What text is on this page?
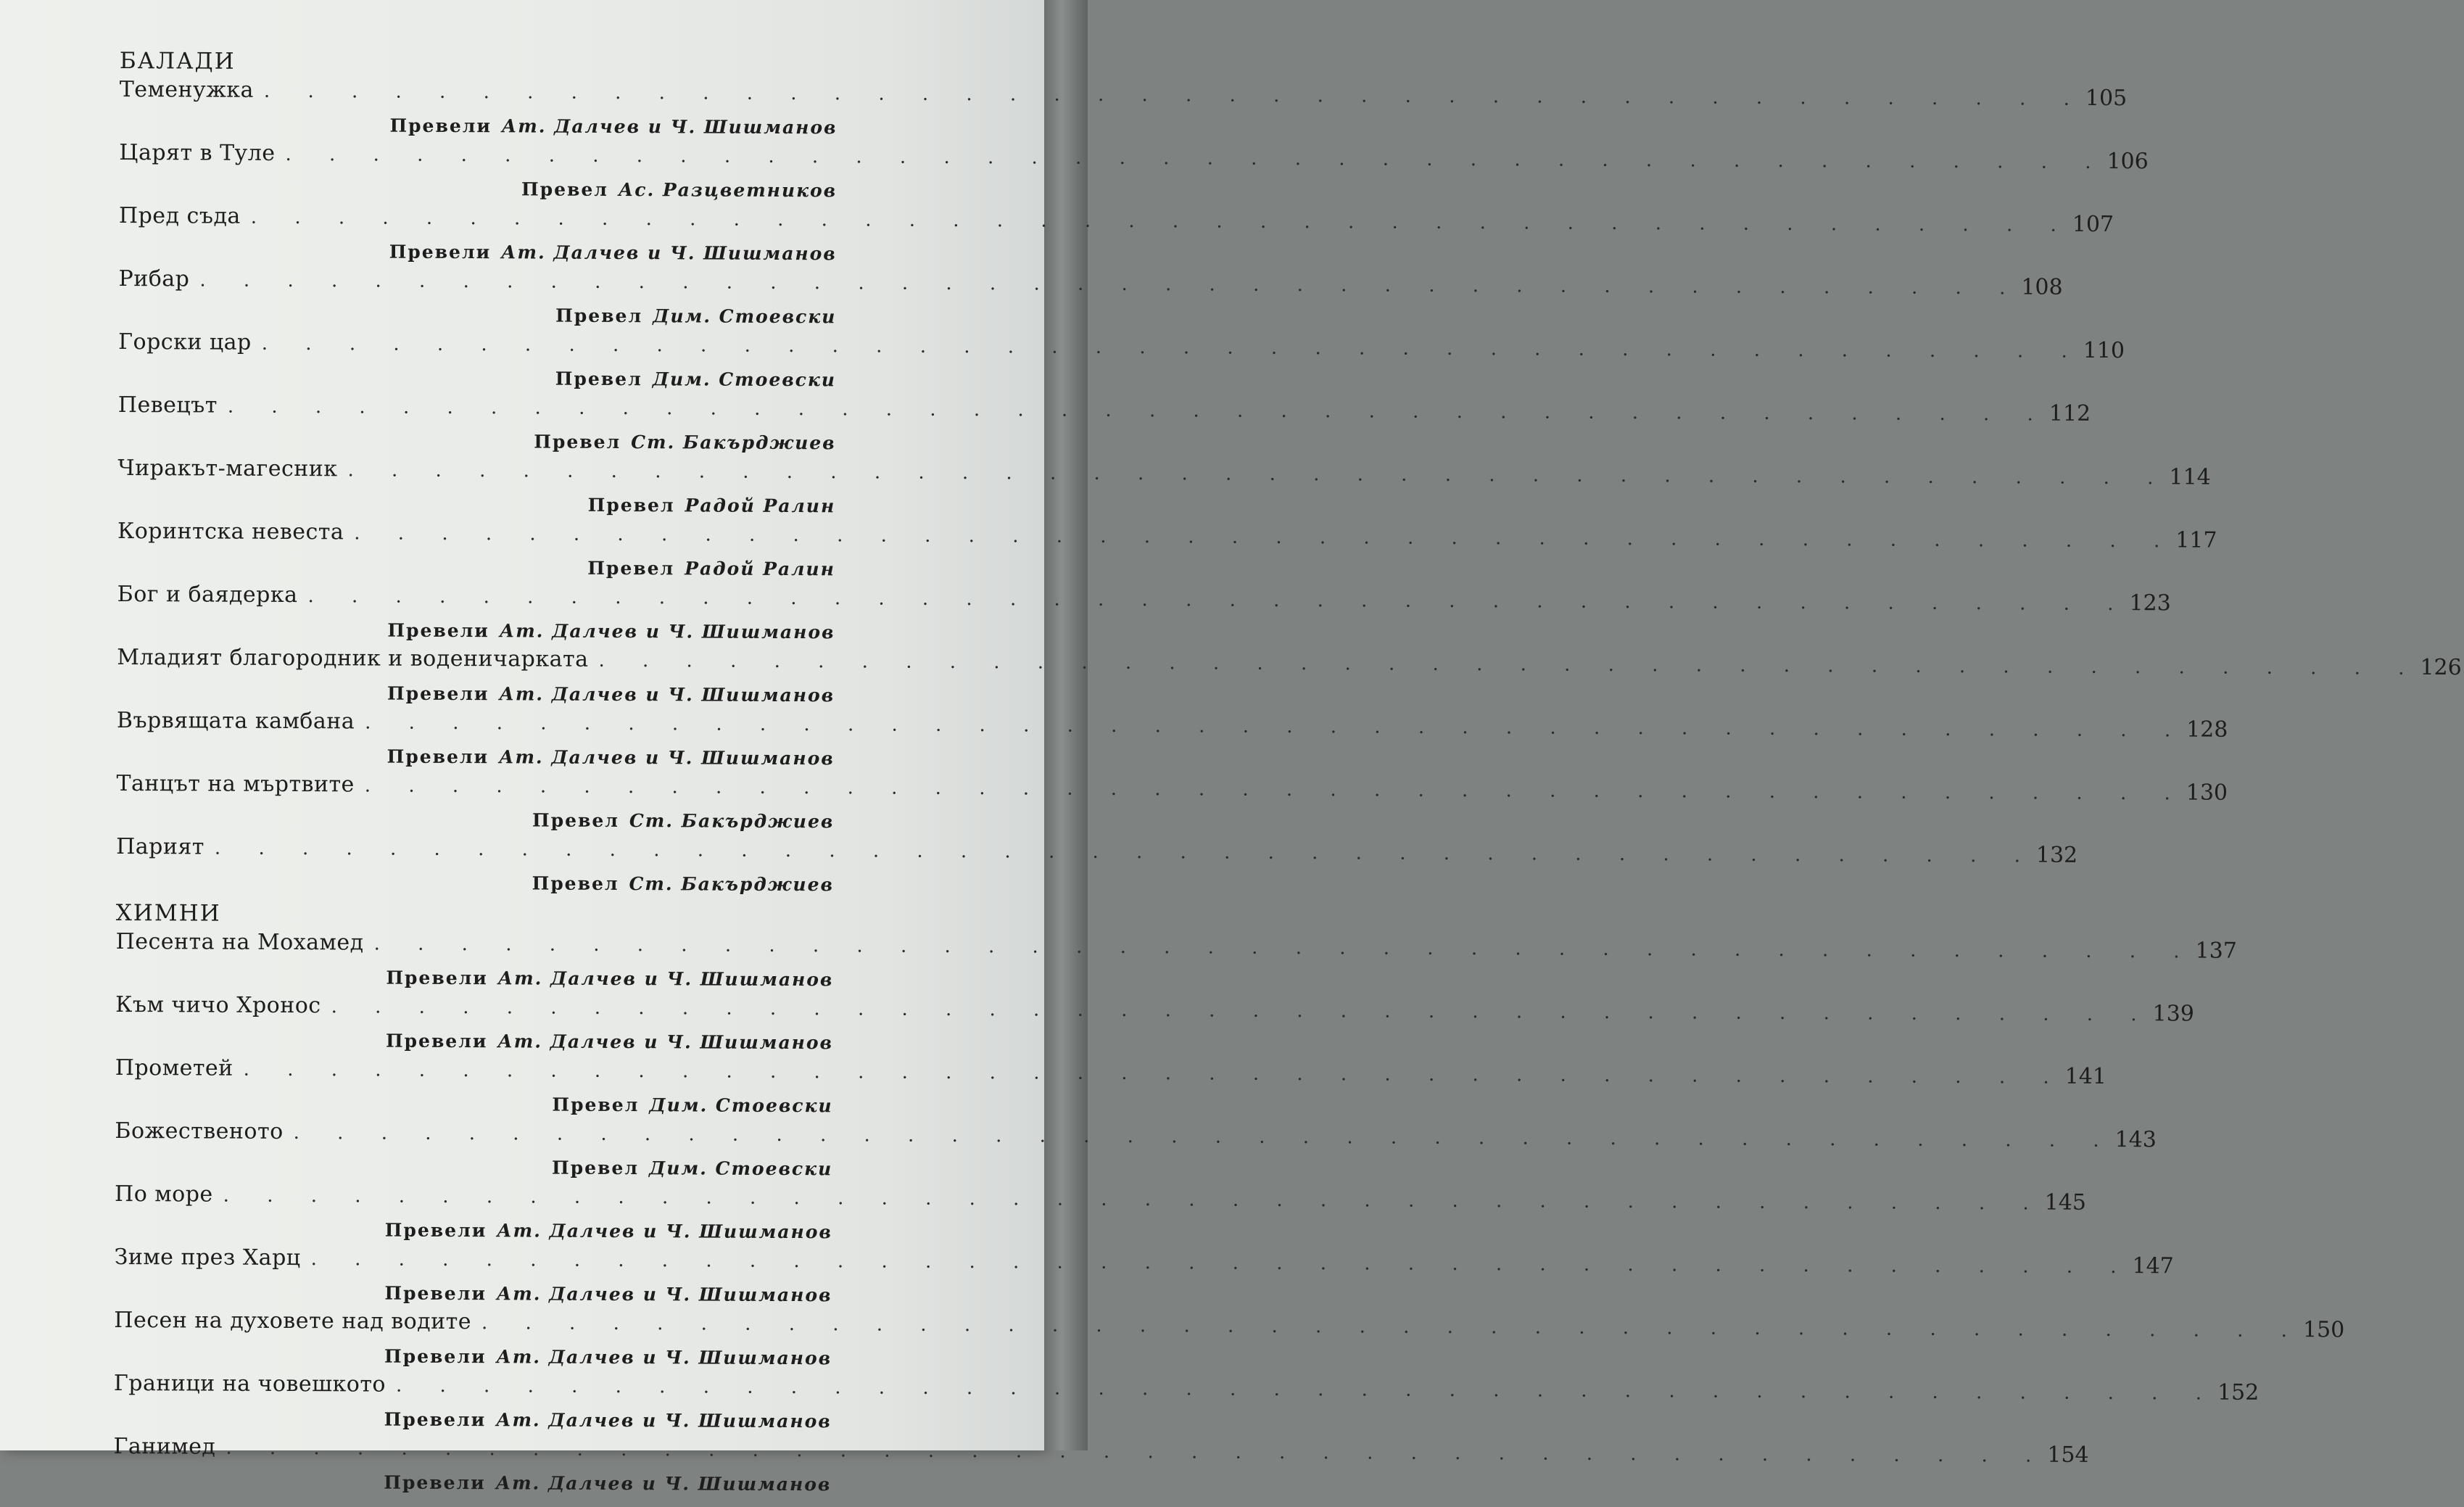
БАЛАДИ
Теменужка . . . . . . . . . . . . . . . . . . . . . . . . . . . . . . . . . . . . . . . . . . 105
Превели Ат. Далчев и Ч. Шишманов
Царят в Туле . . . . . . . . . . . . . . . . . . . . . . . . . . . . . . . . . . . . . . . . . . 106
Превел Ас. Разцветников
Пред съда . . . . . . . . . . . . . . . . . . . . . . . . . . . . . . . . . . . . . . . . . . 107
Превели Ат. Далчев и Ч. Шишманов
Рибар . . . . . . . . . . . . . . . . . . . . . . . . . . . . . . . . . . . . . . . . . . 108
Превел Дим. Стоевски
Горски цар . . . . . . . . . . . . . . . . . . . . . . . . . . . . . . . . . . . . . . . . . . 110
Превел Дим. Стоевски
Певецът . . . . . . . . . . . . . . . . . . . . . . . . . . . . . . . . . . . . . . . . . . 112
Превел Ст. Бакърджиев
Чиракът-магесник . . . . . . . . . . . . . . . . . . . . . . . . . . . . . . . . . . . . . . . . . . 114
Превел Радой Ралин
Коринтска невеста . . . . . . . . . . . . . . . . . . . . . . . . . . . . . . . . . . . . . . . . . . 117
Превел Радой Ралин
Бог и баядерка . . . . . . . . . . . . . . . . . . . . . . . . . . . . . . . . . . . . . . . . . . 123
Превели Ат. Далчев и Ч. Шишманов
Младият благородник и воденичарката . . . . . . . . . . . . . . . . . . . . . . . . . . . . . . . . . . . . . . . . . . 126
Превели Ат. Далчев и Ч. Шишманов
Вървящата камбана . . . . . . . . . . . . . . . . . . . . . . . . . . . . . . . . . . . . . . . . . . 128
Превели Ат. Далчев и Ч. Шишманов
Танцът на мъртвите . . . . . . . . . . . . . . . . . . . . . . . . . . . . . . . . . . . . . . . . . . 130
Превел Ст. Бакърджиев
Парият . . . . . . . . . . . . . . . . . . . . . . . . . . . . . . . . . . . . . . . . . . 132
Превел Ст. Бакърджиев
ХИМНИ
Песента на Мохамед . . . . . . . . . . . . . . . . . . . . . . . . . . . . . . . . . . . . . . . . . . 137
Превели Ат. Далчев и Ч. Шишманов
Към чичо Хронос . . . . . . . . . . . . . . . . . . . . . . . . . . . . . . . . . . . . . . . . . . 139
Превели Ат. Далчев и Ч. Шишманов
Прометей . . . . . . . . . . . . . . . . . . . . . . . . . . . . . . . . . . . . . . . . . . 141
Превел Дим. Стоевски
Божественото . . . . . . . . . . . . . . . . . . . . . . . . . . . . . . . . . . . . . . . . . . 143
Превел Дим. Стоевски
По море . . . . . . . . . . . . . . . . . . . . . . . . . . . . . . . . . . . . . . . . . . 145
Превели Ат. Далчев и Ч. Шишманов
Зиме през Харц . . . . . . . . . . . . . . . . . . . . . . . . . . . . . . . . . . . . . . . . . . 147
Превели Ат. Далчев и Ч. Шишманов
Песен на духовете над водите . . . . . . . . . . . . . . . . . . . . . . . . . . . . . . . . . . . . . . . . . . 150
Превели Ат. Далчев и Ч. Шишманов
Граници на човешкото . . . . . . . . . . . . . . . . . . . . . . . . . . . . . . . . . . . . . . . . . . 152
Превели Ат. Далчев и Ч. Шишманов
Ганимед . . . . . . . . . . . . . . . . . . . . . . . . . . . . . . . . . . . . . . . . . . 154
Превели Ат. Далчев и Ч. Шишманов
